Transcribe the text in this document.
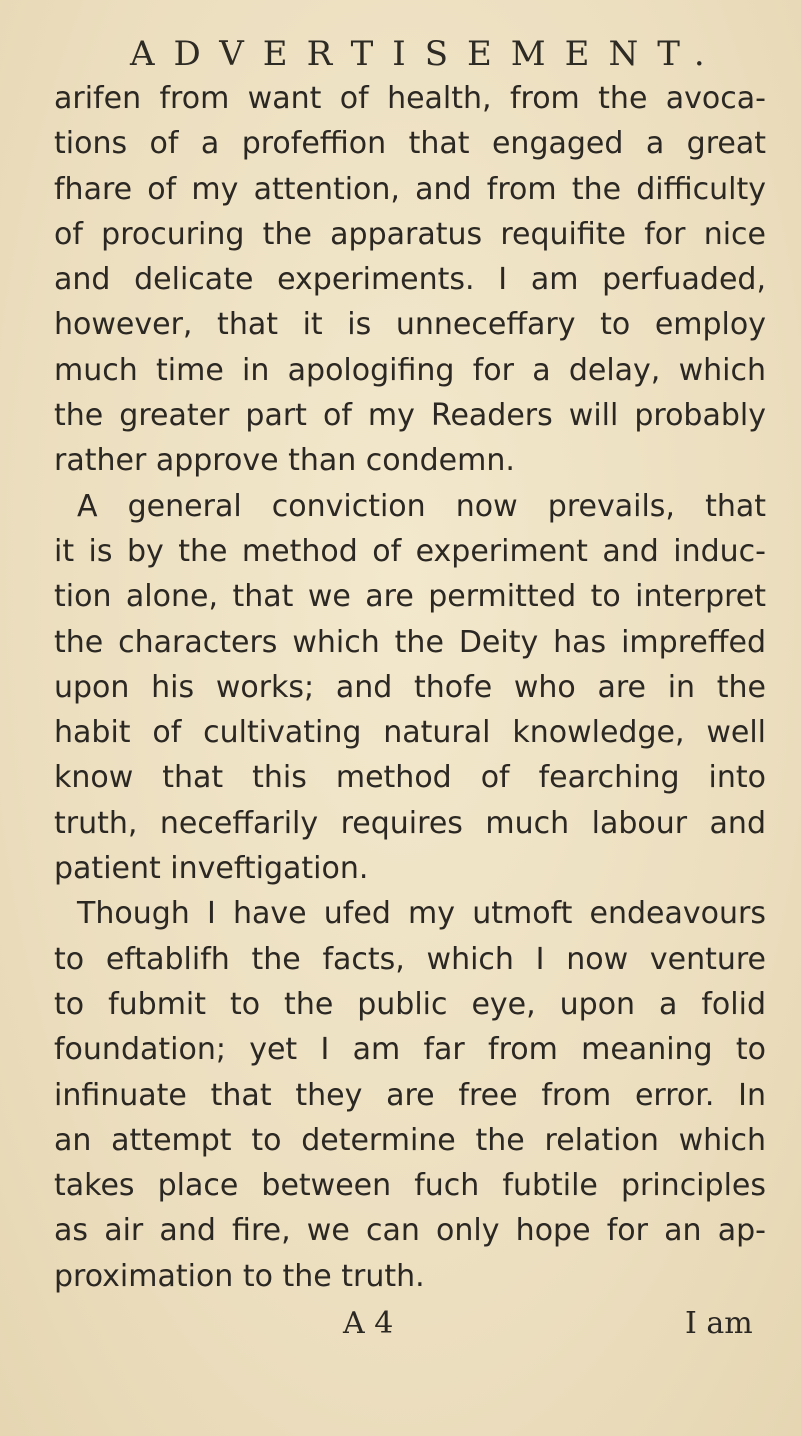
ADVERTISEMENT.
arifen from want of health, from the avoca-
tions of a profeffion that engaged a great
fhare of my attention, and from the difficulty
of procuring the apparatus requifite for nice
and delicate experiments. I am perfuaded,
however, that it is unneceffary to employ
much time in apologifing for a delay, which
the greater part of my Readers will probably
rather approve than condemn.
A general conviction now prevails, that
it is by the method of experiment and induc-
tion alone, that we are permitted to interpret
the characters which the Deity has impreffed
upon his works; and thofe who are in the
habit of cultivating natural knowledge, well
know that this method of fearching into
truth, neceffarily requires much labour and
patient inveftigation.
Though I have ufed my utmoft endeavours
to eftablifh the facts, which I now venture
to fubmit to the public eye, upon a folid
foundation; yet I am far from meaning to
infinuate that they are free from error. In
an attempt to determine the relation which
takes place between fuch fubtile principles
as air and fire, we can only hope for an ap-
proximation to the truth.
A 4	I am
